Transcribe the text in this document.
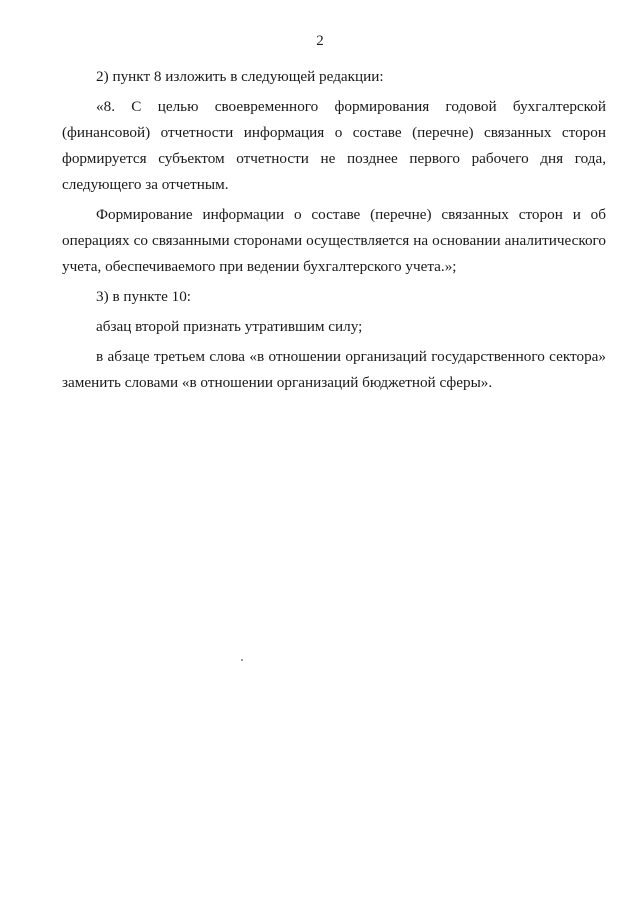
2

2) пункт 8 изложить в следующей редакции:

«8. С целью своевременного формирования годовой бухгалтерской (финансовой) отчетности информация о составе (перечне) связанных сторон формируется субъектом отчетности не позднее первого рабочего дня года, следующего за отчетным.

Формирование информации о составе (перечне) связанных сторон и об операциях со связанными сторонами осуществляется на основании аналитического учета, обеспечиваемого при ведении бухгалтерского учета.»;

3) в пункте 10:

абзац второй признать утратившим силу;

в абзаце третьем слова «в отношении организаций государственного сектора» заменить словами «в отношении организаций бюджетной сферы».
